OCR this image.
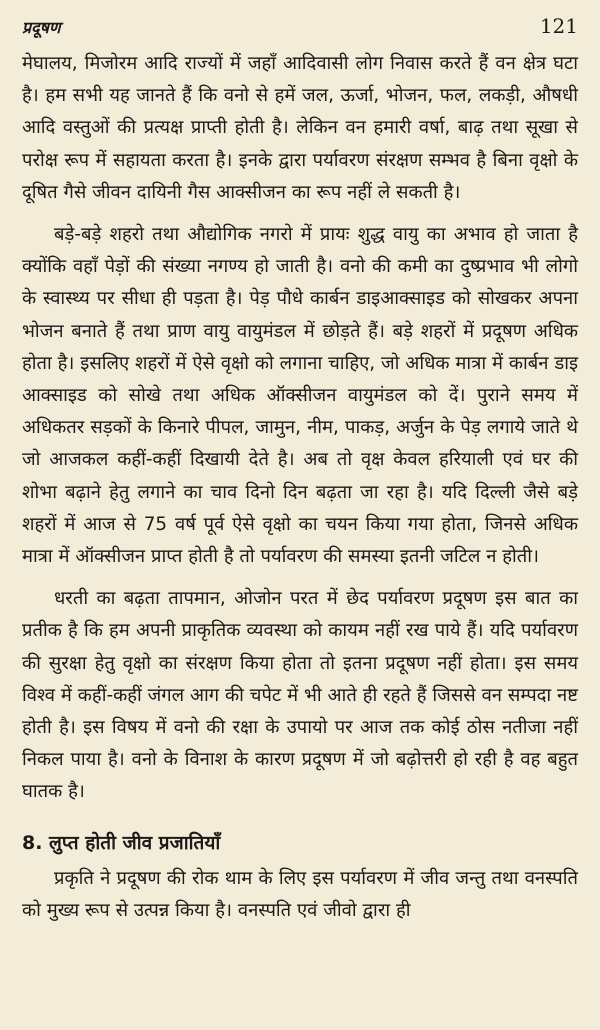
प्रदूषण	121

मेघालय, मिजोरम आदि राज्यों में जहाँ आदिवासी लोग निवास करते हैं वन क्षेत्र घटा है। हम सभी यह जानते हैं कि वनो से हमें जल, ऊर्जा, भोजन, फल, लकड़ी, औषधी आदि वस्तुओं की प्रत्यक्ष प्राप्ती होती है। लेकिन वन हमारी वर्षा, बाढ़ तथा सूखा से परोक्ष रूप में सहायता करता है। इनके द्वारा पर्यावरण संरक्षण सम्भव है बिना वृक्षो के दूषित गैसे जीवन दायिनी गैस आक्सीजन का रूप नहीं ले सकती है।

बड़े-बड़े शहरो तथा औद्योगिक नगरो में प्रायः शुद्ध वायु का अभाव हो जाता है क्योंकि वहाँ पेड़ों की संख्या नगण्य हो जाती है। वनो की कमी का दुष्प्रभाव भी लोगो के स्वास्थ्य पर सीधा ही पड़ता है। पेड़ पौधे कार्बन डाइआक्साइड को सोखकर अपना भोजन बनाते हैं तथा प्राण वायु वायुमंडल में छोड़ते हैं। बड़े शहरों में प्रदूषण अधिक होता है। इसलिए शहरों में ऐसे वृक्षो को लगाना चाहिए, जो अधिक मात्रा में कार्बन डाइ आक्साइड को सोखे तथा अधिक ऑक्सीजन वायुमंडल को दें। पुराने समय में अधिकतर सड़कों के किनारे पीपल, जामुन, नीम, पाकड़, अर्जुन के पेड़ लगाये जाते थे जो आजकल कहीं-कहीं दिखायी देते है। अब तो वृक्ष केवल हरियाली एवं घर की शोभा बढ़ाने हेतु लगाने का चाव दिनो दिन बढ़ता जा रहा है। यदि दिल्ली जैसे बड़े शहरों में आज से 75 वर्ष पूर्व ऐसे वृक्षो का चयन किया गया होता, जिनसे अधिक मात्रा में ऑक्सीजन प्राप्त होती है तो पर्यावरण की समस्या इतनी जटिल न होती।

धरती का बढ़ता तापमान, ओजोन परत में छेद पर्यावरण प्रदूषण इस बात का प्रतीक है कि हम अपनी प्राकृतिक व्यवस्था को कायम नहीं रख पाये हैं। यदि पर्यावरण की सुरक्षा हेतु वृक्षो का संरक्षण किया होता तो इतना प्रदूषण नहीं होता। इस समय विश्व में कहीं-कहीं जंगल आग की चपेट में भी आते ही रहते हैं जिससे वन सम्पदा नष्ट होती है। इस विषय में वनो की रक्षा के उपायो पर आज तक कोई ठोस नतीजा नहीं निकल पाया है। वनो के विनाश के कारण प्रदूषण में जो बढ़ोत्तरी हो रही है वह बहुत घातक है।

8. लुप्त होती जीव प्रजातियाँ

प्रकृति ने प्रदूषण की रोक थाम के लिए इस पर्यावरण में जीव जन्तु तथा वनस्पति को मुख्य रूप से उत्पन्न किया है। वनस्पति एवं जीवो द्वारा ही
